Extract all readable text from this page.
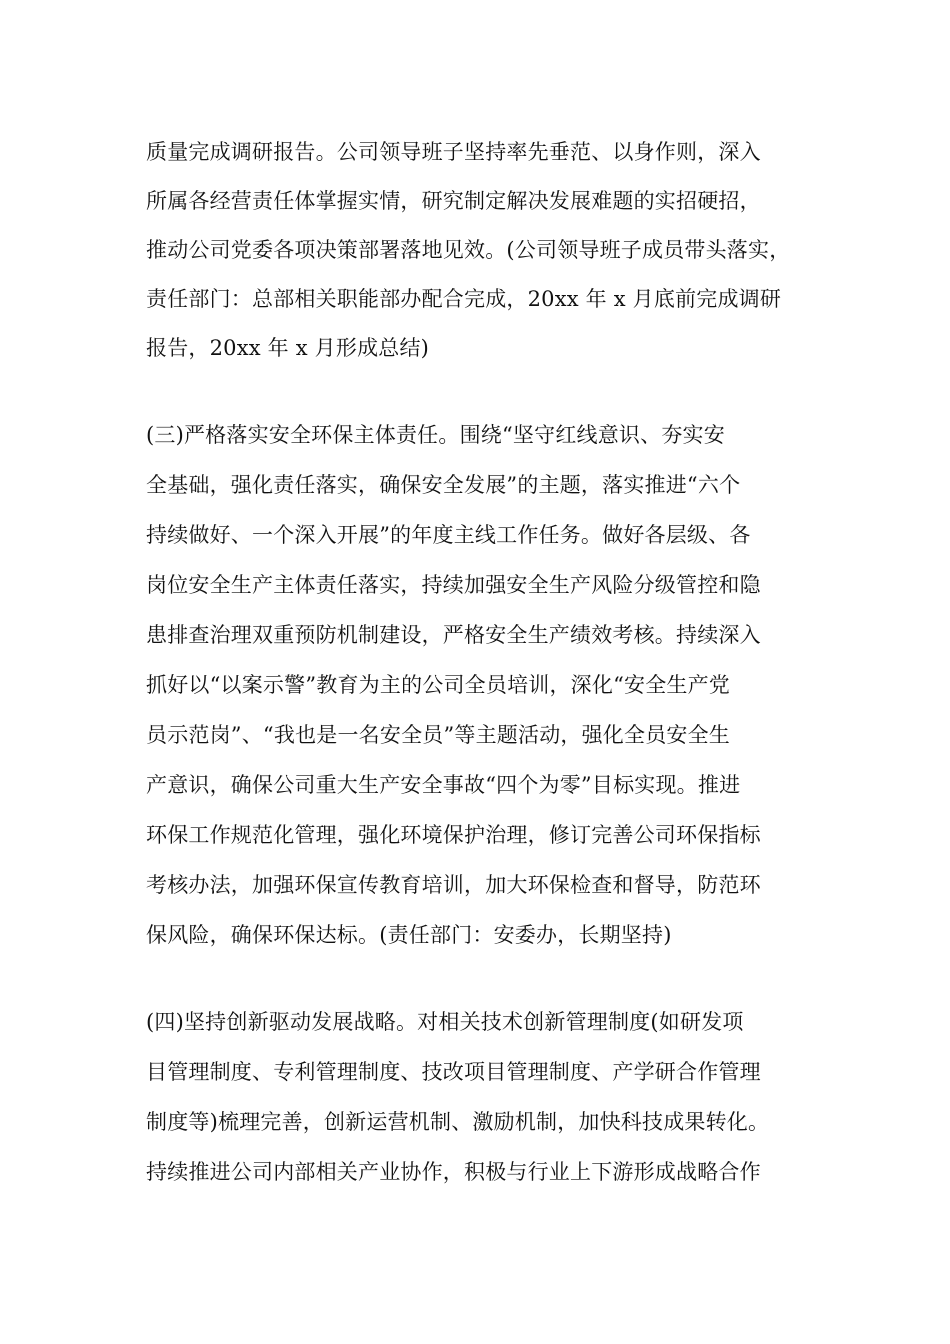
质量完成调研报告。公司领导班子坚持率先垂范、以身作则，深入
所属各经营责任体掌握实情，研究制定解决发展难题的实招硬招，
推动公司党委各项决策部署落地见效。(公司领导班子成员带头落实，
责任部门：总部相关职能部办配合完成，20xx 年 x 月底前完成调研
报告，20xx 年 x 月形成总结)
(三)严格落实安全环保主体责任。围绕“坚守红线意识、夯实安
全基础，强化责任落实，确保安全发展”的主题，落实推进“六个
持续做好、一个深入开展”的年度主线工作任务。做好各层级、各
岗位安全生产主体责任落实，持续加强安全生产风险分级管控和隐
患排查治理双重预防机制建设，严格安全生产绩效考核。持续深入
抓好以“以案示警”教育为主的公司全员培训，深化“安全生产党
员示范岗”、“我也是一名安全员”等主题活动，强化全员安全生
产意识，确保公司重大生产安全事故“四个为零”目标实现。推进
环保工作规范化管理，强化环境保护治理，修订完善公司环保指标
考核办法，加强环保宣传教育培训，加大环保检查和督导，防范环
保风险，确保环保达标。(责任部门：安委办，长期坚持)
(四)坚持创新驱动发展战略。对相关技术创新管理制度(如研发项
目管理制度、专利管理制度、技改项目管理制度、产学研合作管理
制度等)梳理完善，创新运营机制、激励机制，加快科技成果转化。
持续推进公司内部相关产业协作，积极与行业上下游形成战略合作
